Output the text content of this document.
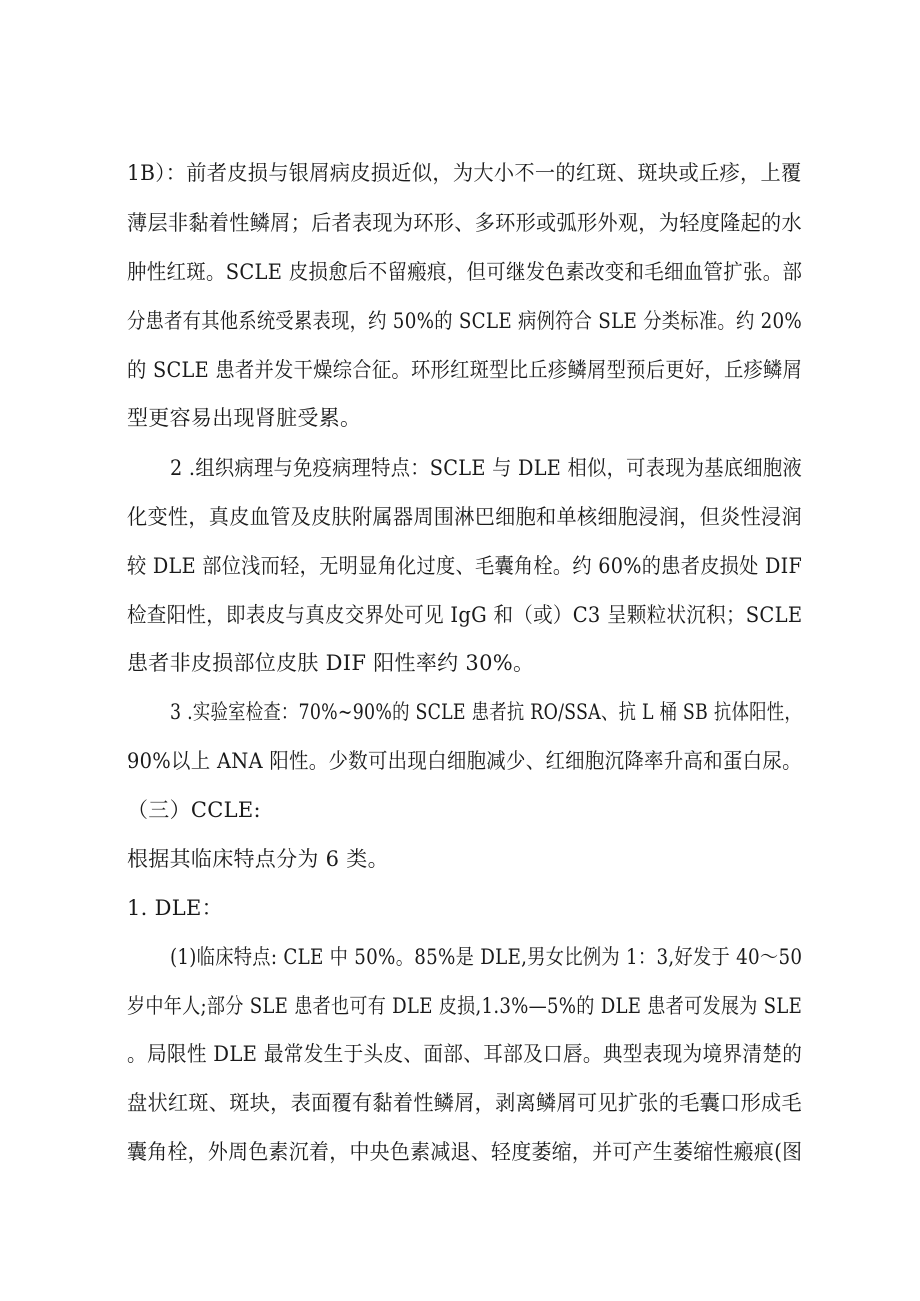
1B）：前者皮损与银屑病皮损近似，为大小不一的红斑、斑块或丘疹，上覆
薄层非黏着性鳞屑；后者表现为环形、多环形或弧形外观，为轻度隆起的水
肿性红斑。SCLE 皮损愈后不留瘢痕，但可继发色素改变和毛细血管扩张。部
分患者有其他系统受累表现，约 50%的 SCLE 病例符合 SLE 分类标准。约 20%
的 SCLE 患者并发干燥综合征。环形红斑型比丘疹鳞屑型预后更好，丘疹鳞屑
型更容易出现肾脏受累。
2 .组织病理与免疫病理特点：SCLE 与 DLE 相似，可表现为基底细胞液
化变性，真皮血管及皮肤附属器周围淋巴细胞和单核细胞浸润，但炎性浸润
较 DLE 部位浅而轻，无明显角化过度、毛囊角栓。约 60%的患者皮损处 DIF
检查阳性，即表皮与真皮交界处可见 IgG 和（或）C3 呈颗粒状沉积；SCLE
患者非皮损部位皮肤 DIF 阳性率约 30%。
3 .实验室检查：70%~90%的 SCLE 患者抗 RO/SSA、抗 L 桶 SB 抗体阳性，
90%以上 ANA 阳性。少数可出现白细胞减少、红细胞沉降率升高和蛋白尿。
（三）CCLE:
根据其临床特点分为 6 类。
1. DLE：
(1)临床特点: CLE 中 50%。85%是 DLE,男女比例为 1：3,好发于 40～50
岁中年人;部分 SLE 患者也可有 DLE 皮损,1.3%—5%的 DLE 患者可发展为 SLE
。局限性 DLE 最常发生于头皮、面部、耳部及口唇。典型表现为境界清楚的
盘状红斑、斑块，表面覆有黏着性鳞屑，剥离鳞屑可见扩张的毛囊口形成毛
囊角栓，外周色素沉着，中央色素减退、轻度萎缩，并可产生萎缩性瘢痕(图
